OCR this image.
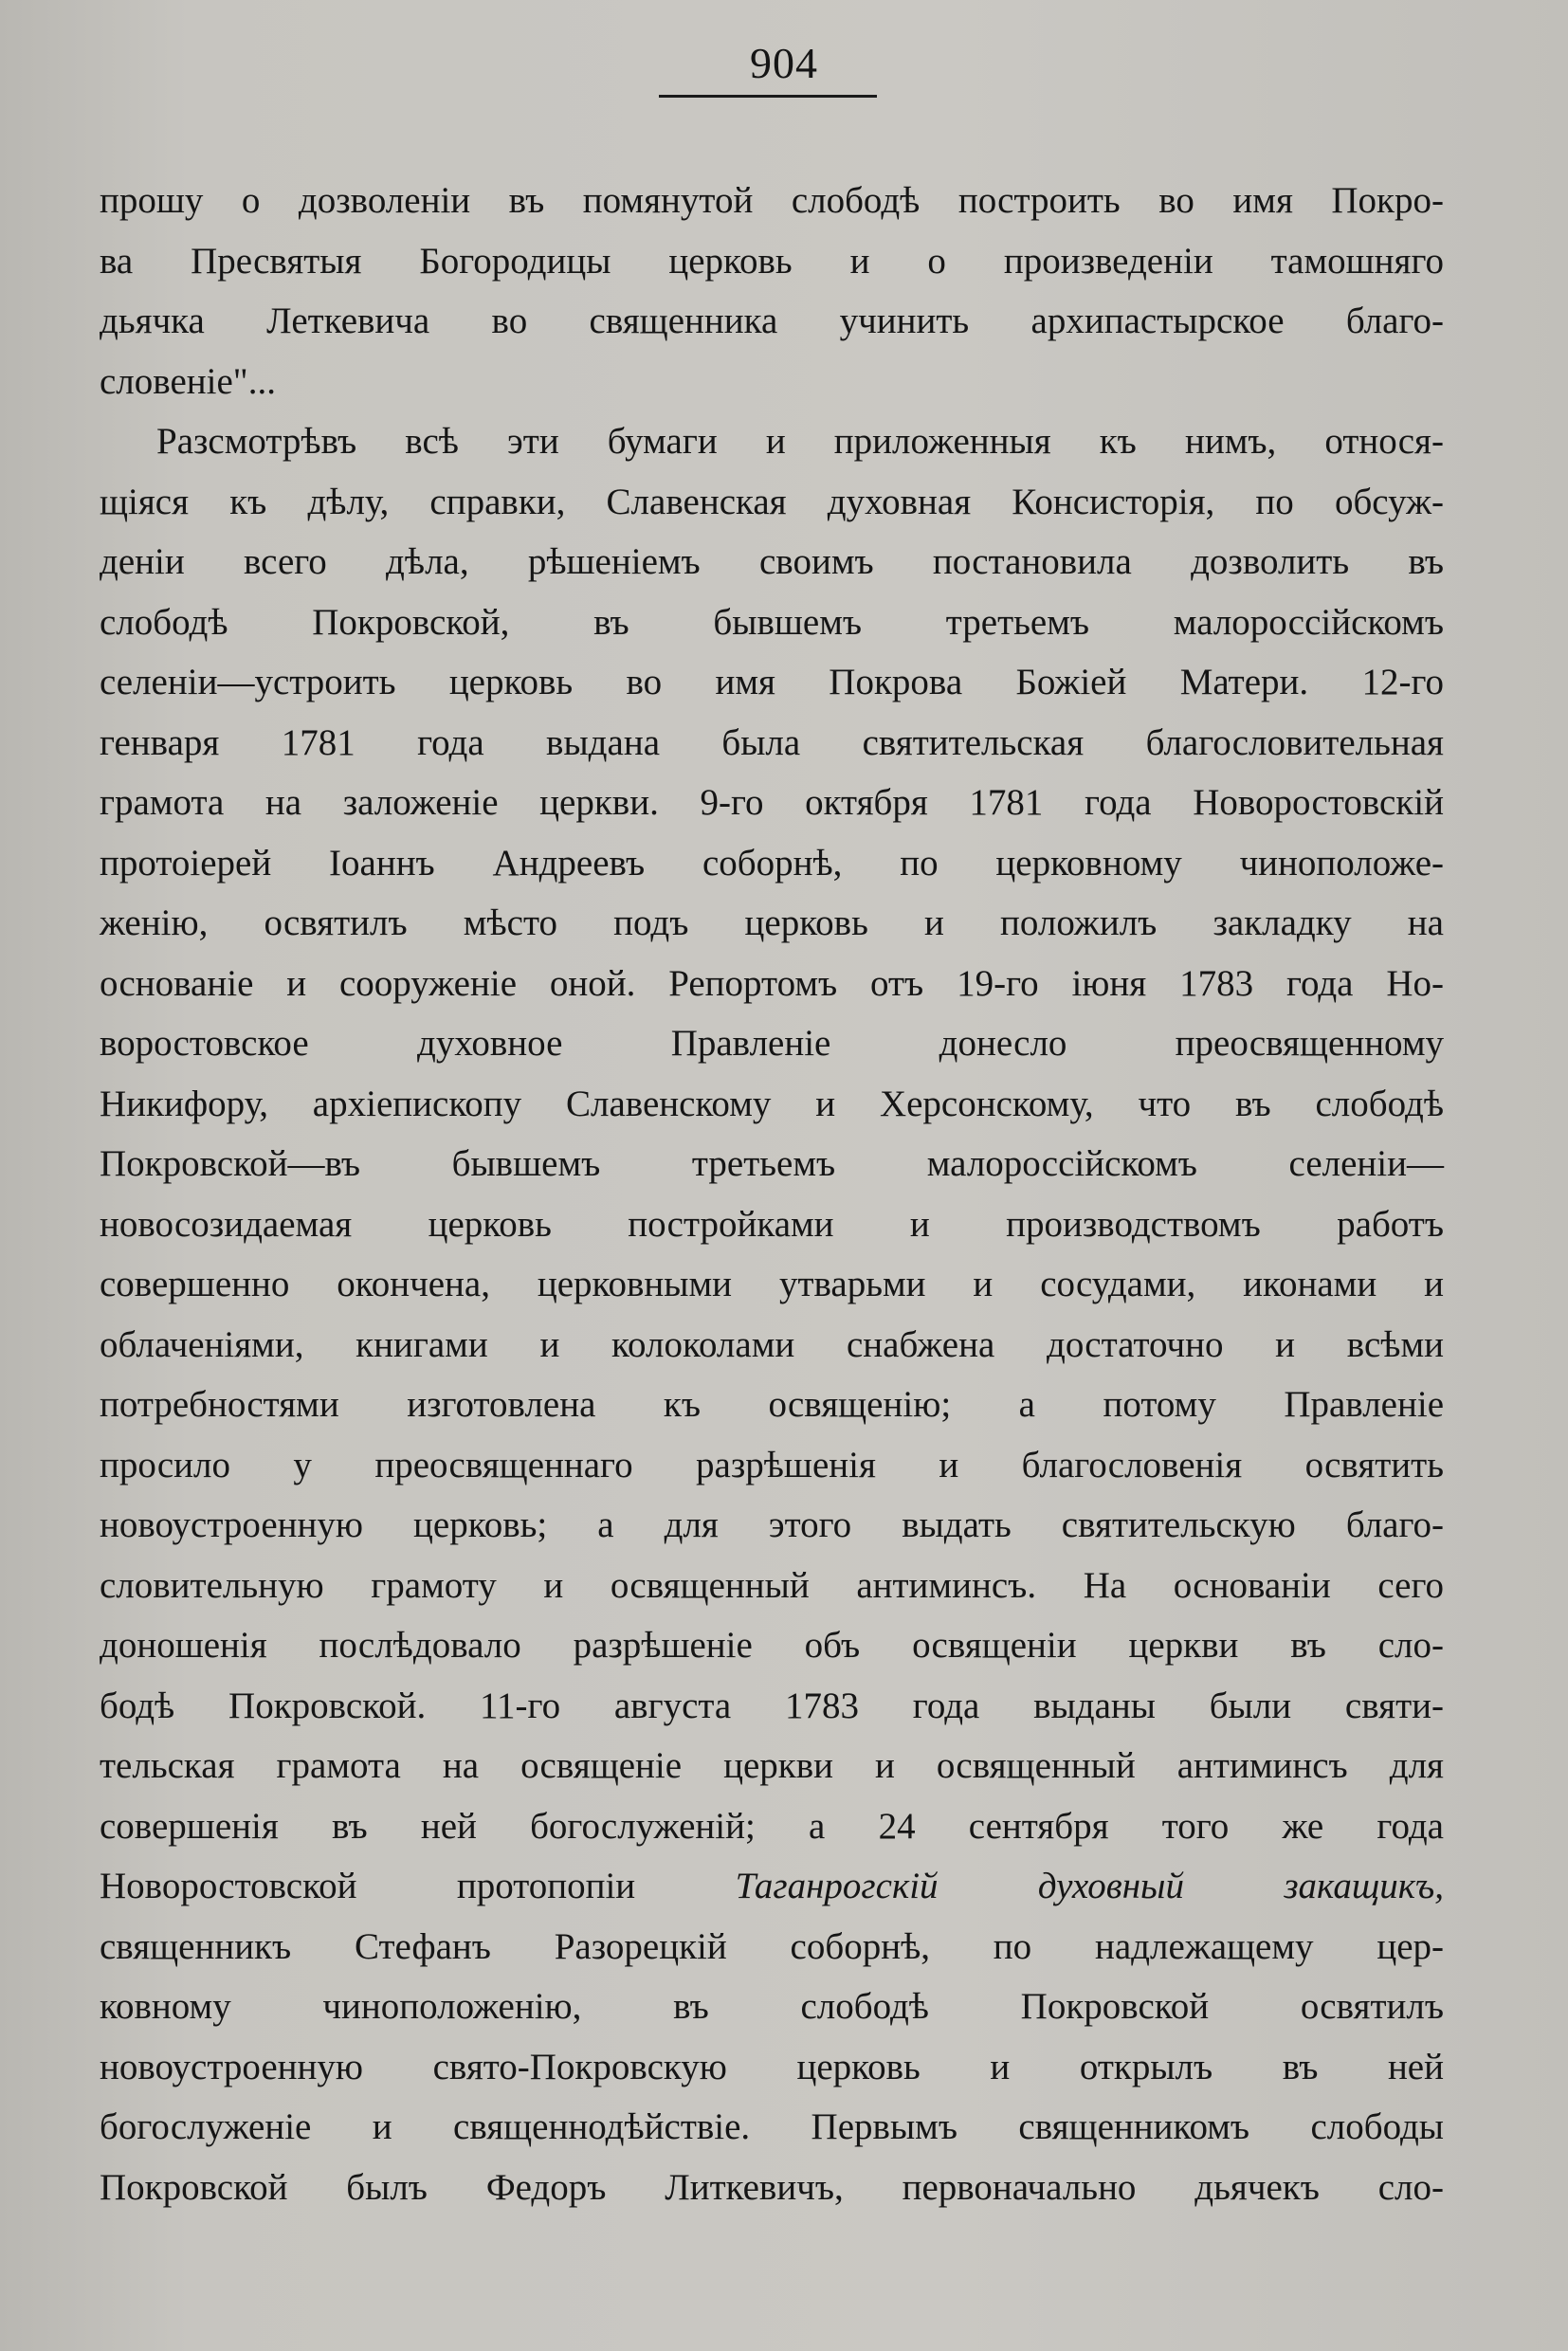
904
прошу о дозволеніи въ помянутой слободѣ построить во имя Покро-
ва Пресвятыя Богородицы церковь и о произведеніи тамошняго
дьячка Леткевича во священника учинить архипастырское благо-
словеніе"...
Разсмотрѣвъ всѣ эти бумаги и приложенныя къ нимъ, относя-
щіяся къ дѣлу, справки, Славенская духовная Консисторія, по обсуж-
деніи всего дѣла, рѣшеніемъ своимъ постановила дозволить въ
слободѣ Покровской, въ бывшемъ третьемъ малороссійскомъ
селеніи—устроить церковь во имя Покрова Божіей Матери. 12-го
генваря 1781 года выдана была святительская благословительная
грамота на заложеніе церкви. 9-го октября 1781 года Новоростовскій
протоіерей Іоаннъ Андреевъ соборнѣ, по церковному чиноположе-
женію, освятилъ мѣсто подъ церковь и положилъ закладку на
основаніе и сооруженіе оной. Репортомъ отъ 19-го іюня 1783 года Но-
воростовское духовное Правленіе донесло преосвященному
Никифору, архіепископу Славенскому и Херсонскому, что въ слободѣ
Покровской—въ бывшемъ третьемъ малороссійскомъ селеніи—
новосозидаемая церковь постройками и производствомъ работъ
совершенно окончена, церковными утварьми и сосудами, иконами и
облаченіями, книгами и колоколами снабжена достаточно и всѣми
потребностями изготовлена къ освященію; а потому Правленіе
просило у преосвященнаго разрѣшенія и благословенія освятить
новоустроенную церковь; а для этого выдать святительскую благо-
словительную грамоту и освященный антиминсъ. На основаніи сего
доношенія послѣдовало разрѣшеніе объ освященіи церкви въ сло-
бодѣ Покровской. 11-го августа 1783 года выданы были святи-
тельская грамота на освященіе церкви и освященный антиминсъ для
совершенія въ ней богослуженій; а 24 сентября того же года
Новоростовской протопопіи	Таганрогскій духовный закащикъ,
священникъ Стефанъ Разорецкій соборнѣ, по надлежащему цер-
ковному чиноположенію, въ слободѣ Покровской освятилъ
новоустроенную свято-Покровскую церковь и открылъ въ ней
богослуженіе и священнодѣйствіе. Первымъ священникомъ слободы
Покровской былъ Федоръ Литкевичъ, первоначально дьячекъ сло-
